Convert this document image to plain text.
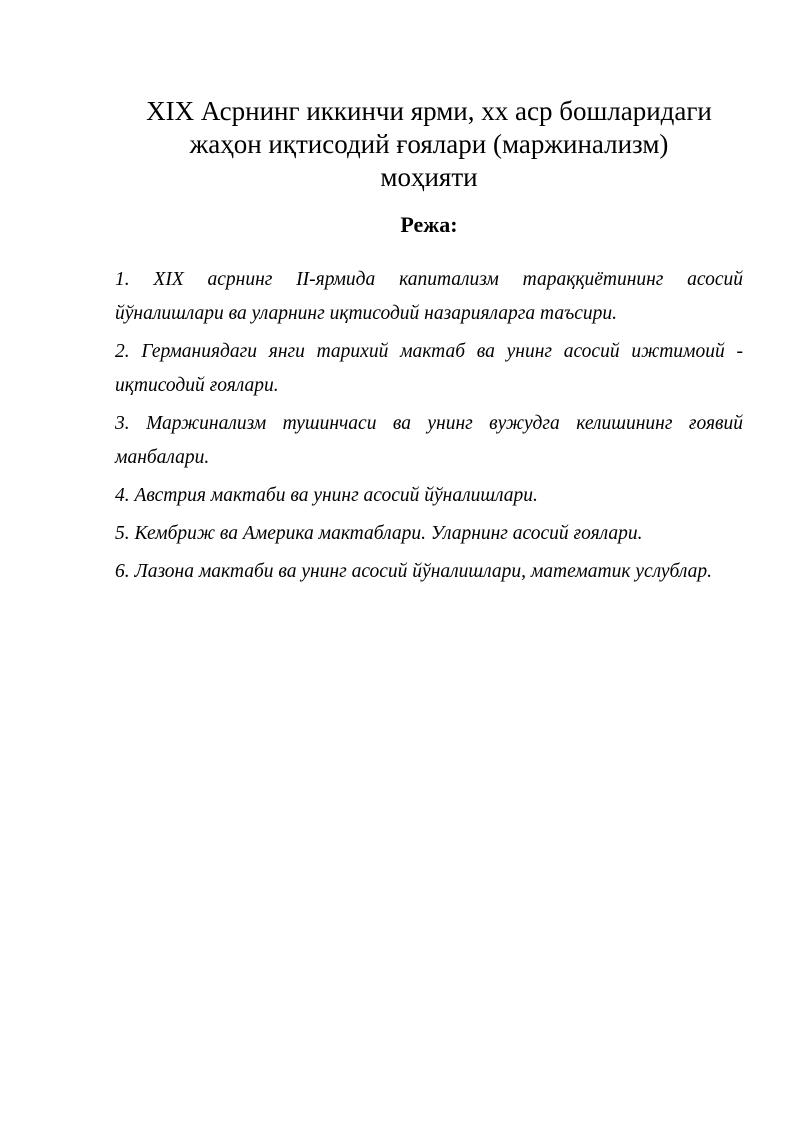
XIX Асрнинг иккинчи ярми, хх аср бошларидаги
жаҳон иқтисодий ғоялари (маржинализм)
моҳияти
Режа:
1. XIX асрнинг II-ярмида капитализм тараққиётининг асосий йўналишлари ва уларнинг иқтисодий назарияларга таъсири.
2. Германиядаги янги тарихий мактаб ва унинг асосий ижтимоий - иқтисодий ғоялари.
3. Маржинализм тушинчаси ва унинг вужудга келишининг ғоявий манбалари.
4. Австрия мактаби ва унинг асосий йўналишлари.
5. Кембриж ва Америка мактаблари. Уларнинг асосий ғоялари.
6. Лазона мактаби ва унинг асосий йўналишлари, математик услублар.
